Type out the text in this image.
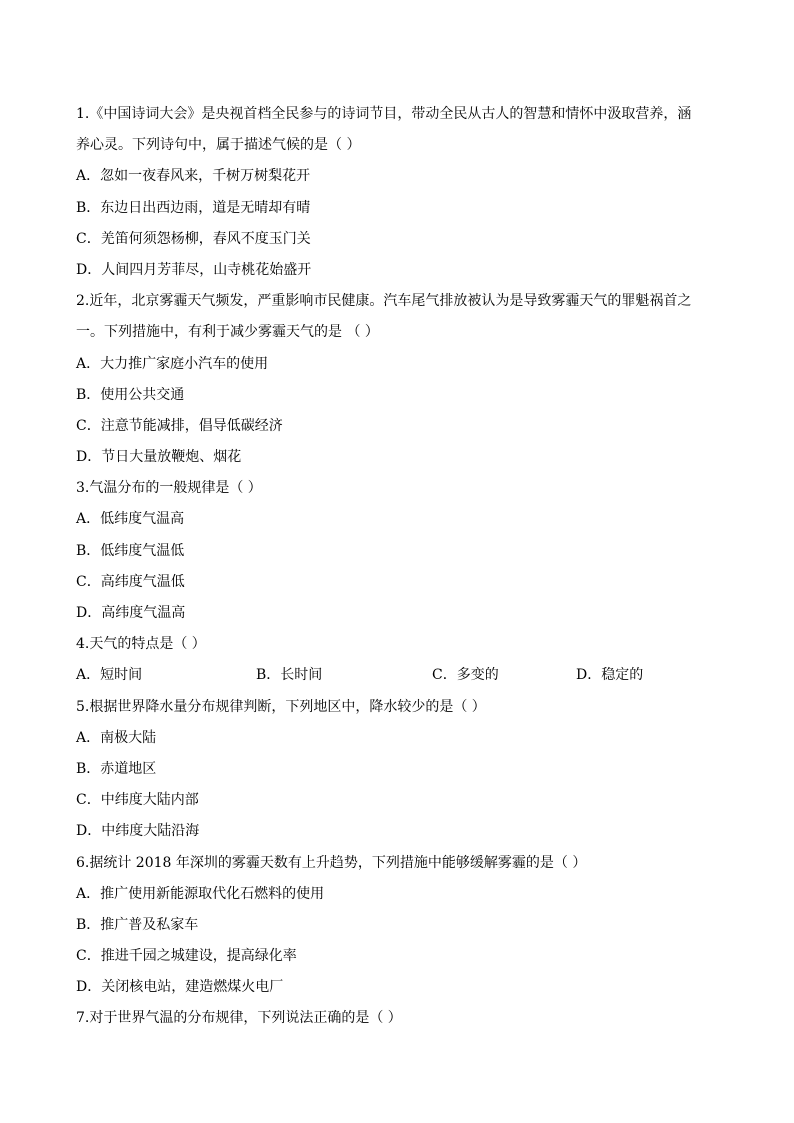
1.《中国诗词大会》是央视首档全民参与的诗词节目，带动全民从古人的智慧和情怀中汲取营养，涵
养心灵。下列诗句中，属于描述气候的是（ ）
A．忽如一夜春风来，千树万树梨花开
B．东边日出西边雨，道是无晴却有晴
C．羌笛何须怨杨柳，春风不度玉门关
D．人间四月芳菲尽，山寺桃花始盛开
2.近年，北京雾霾天气频发，严重影响市民健康。汽车尾气排放被认为是导致雾霾天气的罪魁祸首之
一。下列措施中，有利于减少雾霾天气的是 （ ）
A．大力推广家庭小汽车的使用
B．使用公共交通
C．注意节能减排，倡导低碳经济
D．节日大量放鞭炮、烟花
3.气温分布的一般规律是（ ）
A．低纬度气温高
B．低纬度气温低
C．高纬度气温低
D．高纬度气温高
4.天气的特点是（ ）
A．短时间	B．长时间	C．多变的	D．稳定的
5.根据世界降水量分布规律判断，下列地区中，降水较少的是（ ）
A．南极大陆
B．赤道地区
C．中纬度大陆内部
D．中纬度大陆沿海
6.据统计 2018 年深圳的雾霾天数有上升趋势，下列措施中能够缓解雾霾的是（ ）
A．推广使用新能源取代化石燃料的使用
B．推广普及私家车
C．推进千园之城建设，提高绿化率
D．关闭核电站，建造燃煤火电厂
7.对于世界气温的分布规律，下列说法正确的是（ ）
